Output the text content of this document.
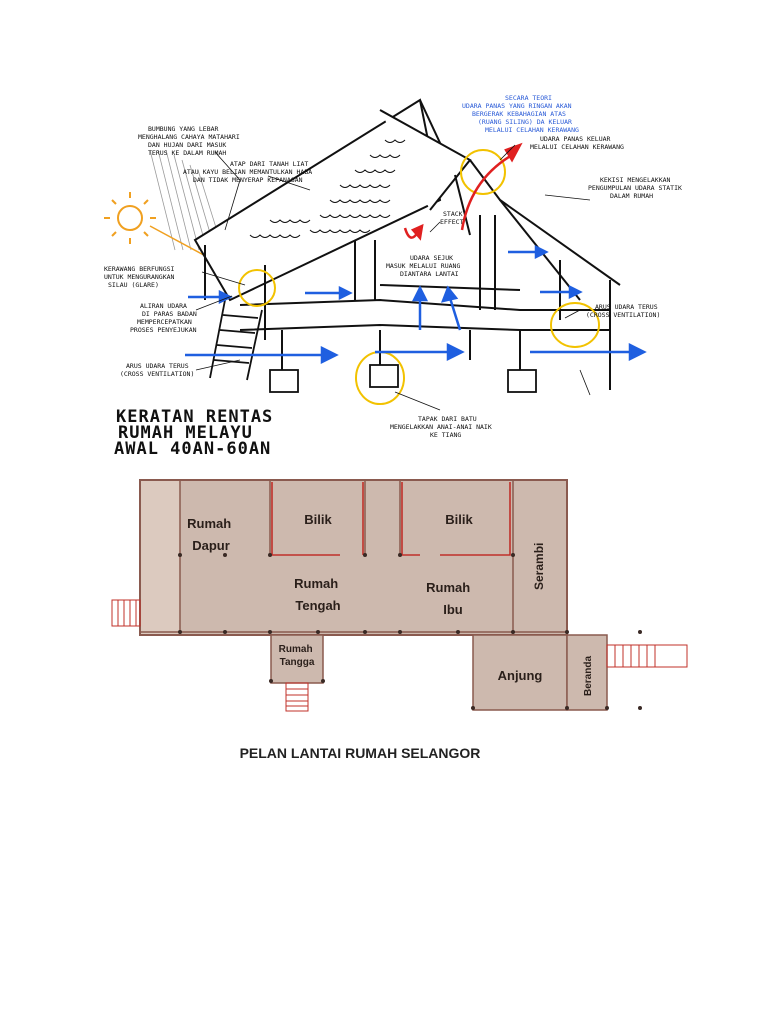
BUMBUNG YANG LEBAR MENGHALANG CAHAYA MATAHARI DAN HUJAN DARI MASUK TERUS KE DALAM RUMAH
ATAP DARI TANAH LIAT ATAU KAYU BELIAN MEMANTULKAN HABA DAN TIDAK MENYERAP KEPANASAN
SECARA TEORI UDARA PANAS YANG RINGAN AKAN BERGERAK KEBAHAGIAN ATAS (RUANG SILING) DA KELUAR MELALUI CELAHAN KERAWANG
UDARA PANAS KELUAR MELALUI CELAHAN KERAWANG
KEKISI MENGELAKKAN PENGUMPULAN UDARA STATIK DALAM RUMAH
STACK EFFECT
UDARA SEJUK MASUK MELALUI RUANG DIANTARA LANTAI
KERAWANG BERFUNGSI UNTUK MENGURANGKAN SILAU (GLARE)
ALIRAN UDARA DI PARAS BADAN MEMPERCEPATKAN PROSES PENYEJUKAN
ARUS UDARA TERUS (CROSS VENTILATION)
ARUS UDARA TERUS (CROSS VENTILATION)
TAPAK DARI BATU MENGELAKKAN ANAI-ANAI NAIK KE TIANG
KERATAN RENTAS RUMAH MELAYU AWAL 40AN-60AN
Rumah Dapur
Bilik	Bilik
Rumah Tengah
Rumah Ibu
Serambi
Rumah Tangga
Anjung	Beranda
PELAN LANTAI RUMAH SELANGOR
